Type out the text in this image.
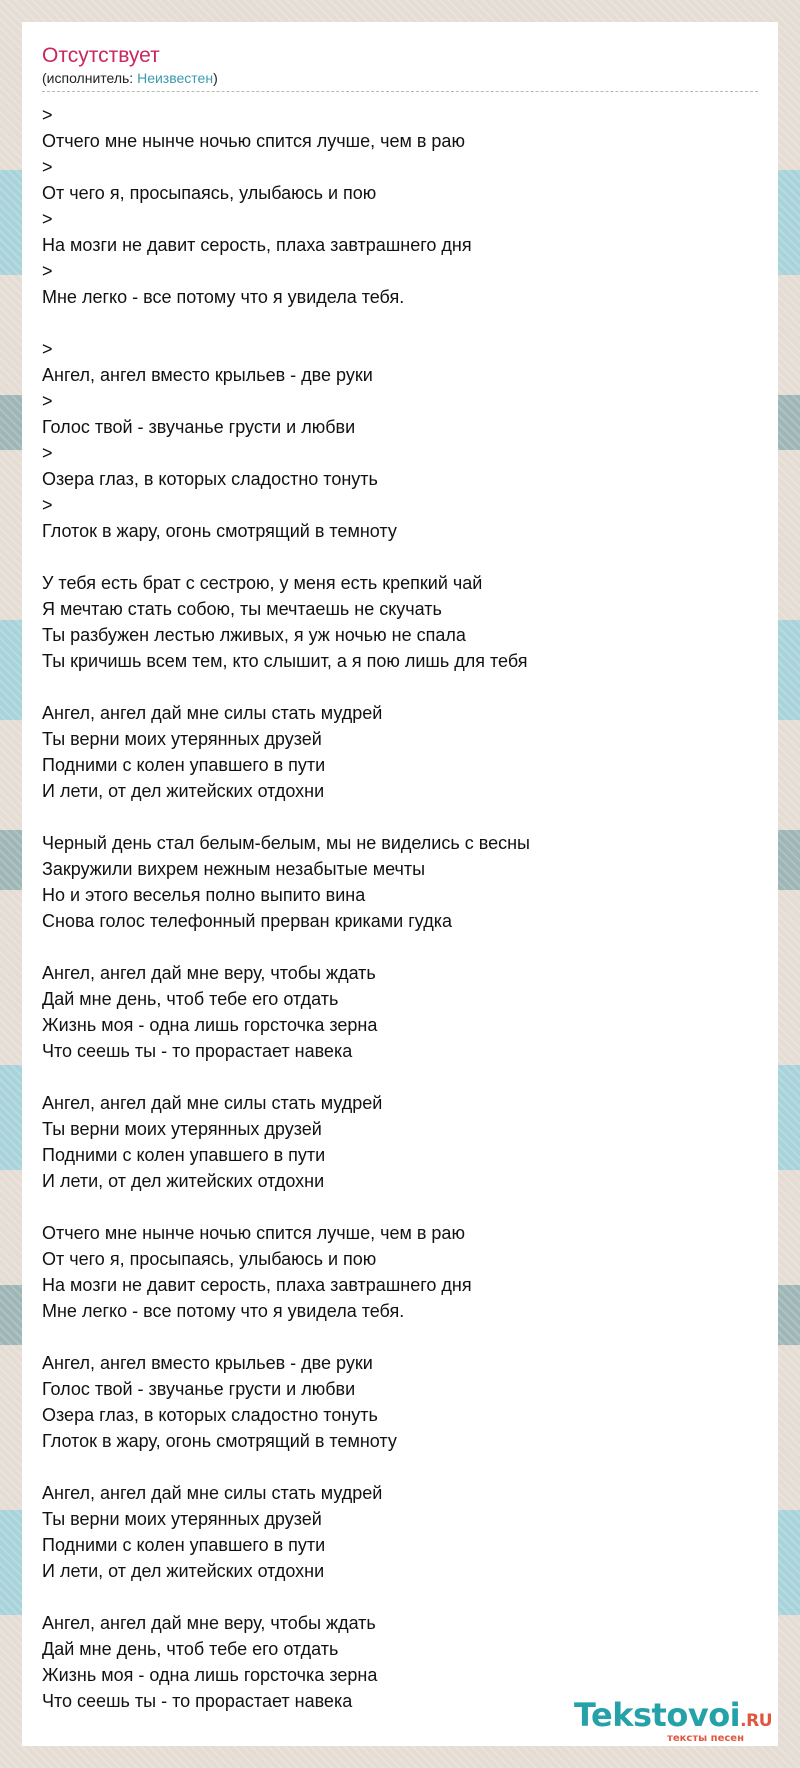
Отсутствует
(исполнитель: Неизвестен)
>
Отчего мне нынче ночью спится лучше, чем в раю
>
От чего я, просыпаясь, улыбаюсь и пою
>
На мозги не давит серость, плаха завтрашнего дня
>
Мне легко - все потому что я увидела тебя.
>
Ангел, ангел вместо крыльев - две руки
>
Голос твой - звучанье грусти и любви
>
Озера глаз, в которых сладостно тонуть
>
Глоток в жару, огонь смотрящий в темноту
У тебя есть брат с сестрою, у меня есть крепкий чай
Я мечтаю стать собою, ты мечтаешь не скучать
Ты разбужен лестью лживых, я уж ночью не спала
Ты кричишь всем тем, кто слышит, а я пою лишь для тебя
Ангел, ангел дай мне силы стать мудрей
Ты верни моих утерянных друзей
Подними с колен упавшего в пути
И лети, от дел житейских отдохни
Черный день стал белым-белым, мы не виделись с весны
Закружили вихрем нежным незабытые мечты
Но и этого веселья полно выпито вина
Снова голос телефонный прерван криками гудка
Ангел, ангел дай мне веру, чтобы ждать
Дай мне день, чтоб тебе его отдать
Жизнь моя - одна лишь горсточка зерна
Что сеешь ты - то прорастает навека
Ангел, ангел дай мне силы стать мудрей
Ты верни моих утерянных друзей
Подними с колен упавшего в пути
И лети, от дел житейских отдохни
Отчего мне нынче ночью спится лучше, чем в раю
От чего я, просыпаясь, улыбаюсь и пою
На мозги не давит серость, плаха завтрашнего дня
Мне легко - все потому что я увидела тебя.
Ангел, ангел вместо крыльев - две руки
Голос твой - звучанье грусти и любви
Озера глаз, в которых сладостно тонуть
Глоток в жару, огонь смотрящий в темноту
Ангел, ангел дай мне силы стать мудрей
Ты верни моих утерянных друзей
Подними с колен упавшего в пути
И лети, от дел житейских отдохни
Ангел, ангел дай мне веру, чтобы ждать
Дай мне день, чтоб тебе его отдать
Жизнь моя - одна лишь горсточка зерна
Что сеешь ты - то прорастает навека	Tekstovoi.RU
тексты песен
